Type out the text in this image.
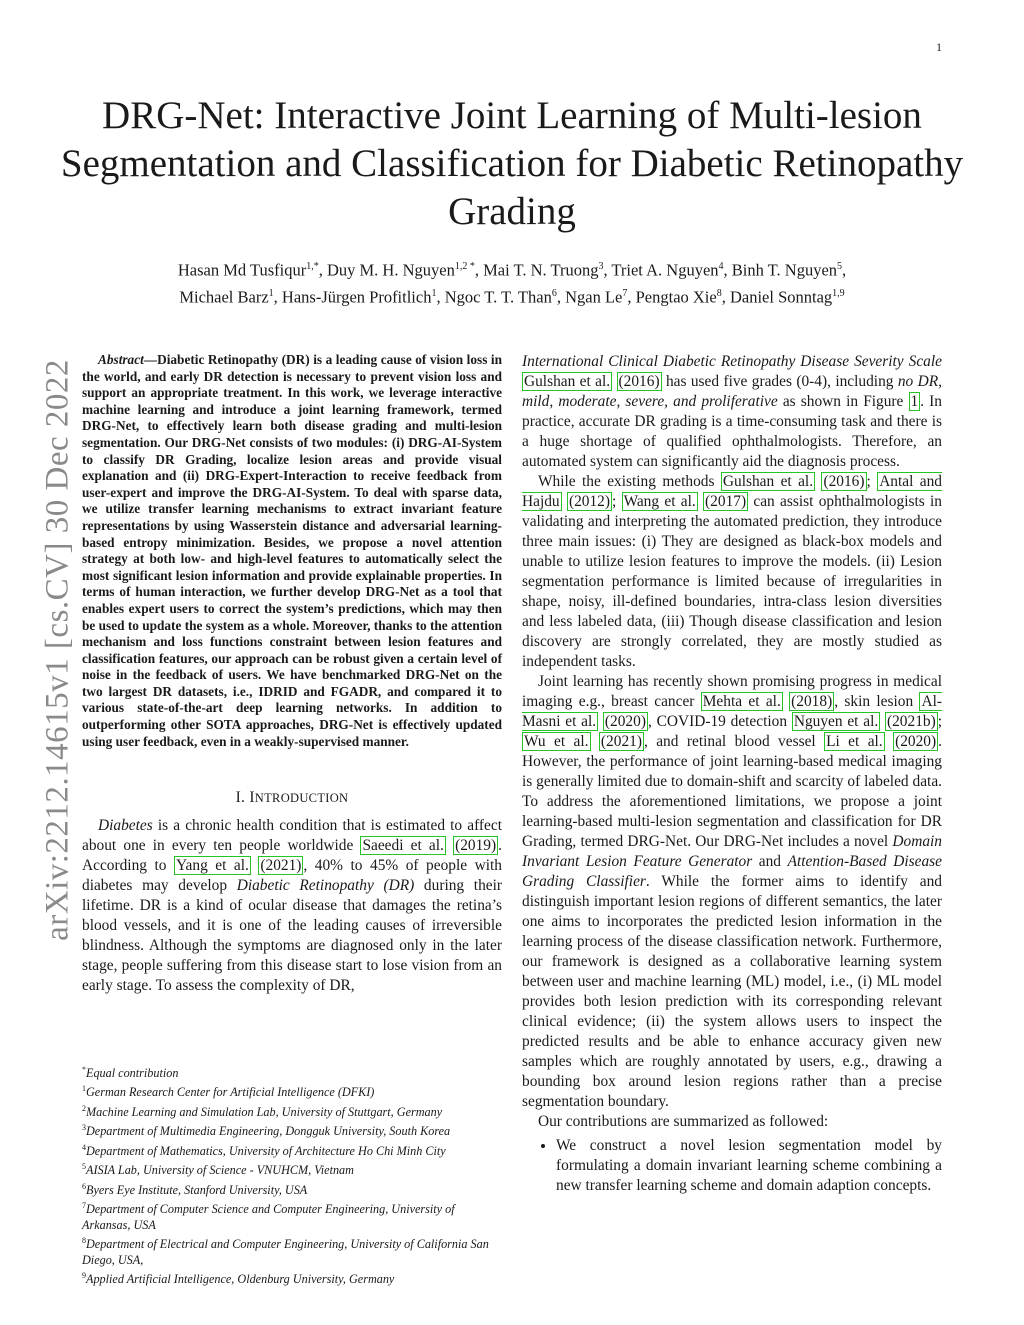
1
arXiv:2212.14615v1 [cs.CV] 30 Dec 2022
DRG-Net: Interactive Joint Learning of Multi-lesion Segmentation and Classification for Diabetic Retinopathy Grading
Hasan Md Tusfiqur$^{1,*}$, Duy M. H. Nguyen$^{1,2 *}$, Mai T. N. Truong$^3$, Triet A. Nguyen$^4$, Binh T. Nguyen$^5$,
Michael Barz$^1$, Hans-Jürgen Profitlich$^1$, Ngoc T. T. Than$^6$, Ngan Le$^7$, Pengtao Xie$^8$, Daniel Sonntag$^{1,9}$

Abstract—Diabetic Retinopathy (DR) is a leading cause of vision loss in the world, and early DR detection is necessary to prevent vision loss and support an appropriate treatment. In this work, we leverage interactive machine learning and introduce a joint learning framework, termed DRG-Net, to effectively learn both disease grading and multi-lesion segmentation. Our DRG-Net consists of two modules: (i) DRG-AI-System to classify DR Grading, localize lesion areas and provide visual explanation and (ii) DRG-Expert-Interaction to receive feedback from user-expert and improve the DRG-AI-System. To deal with sparse data, we utilize transfer learning mechanisms to extract invariant feature representations by using Wasserstein distance and adversarial learning-based entropy minimization. Besides, we propose a novel attention strategy at both low- and high-level features to automatically select the most significant lesion information and provide explainable properties. In terms of human interaction, we further develop DRG-Net as a tool that enables expert users to correct the system’s predictions, which may then be used to update the system as a whole. Moreover, thanks to the attention mechanism and loss functions constraint between lesion features and classification features, our approach can be robust given a certain level of noise in the feedback of users. We have benchmarked DRG-Net on the two largest DR datasets, i.e., IDRID and FGADR, and compared it to various state-of-the-art deep learning networks. In addition to outperforming other SOTA approaches, DRG-Net is effectively updated using user feedback, even in a weakly-supervised manner.

I. INTRODUCTION

Diabetes is a chronic health condition that is estimated to affect about one in every ten people worldwide Saeedi et al. (2019) . According to Yang et al. (2021) , 40% to 45% of people with diabetes may develop Diabetic Retinopathy (DR) during their lifetime. DR is a kind of ocular disease that damages the retina’s blood vessels, and it is one of the leading causes of irreversible blindness. Although the symptoms are diagnosed only in the later stage, people suffering from this disease start to lose vision from an early stage. To assess the complexity of DR,

*Equal contribution
$^1$German Research Center for Artificial Intelligence (DFKI)
$^2$Machine Learning and Simulation Lab, University of Stuttgart, Germany
$^3$Department of Multimedia Engineering, Dongguk University, South Korea
$^4$Department of Mathematics, University of Architecture Ho Chi Minh City
$^5$AISIA Lab, University of Science - VNUHCM, Vietnam
$^6$Byers Eye Institute, Stanford University, USA
$^7$Department of Computer Science and Computer Engineering, University of Arkansas, USA
$^8$Department of Electrical and Computer Engineering, University of California San Diego, USA,
$^9$Applied Artificial Intelligence, Oldenburg University, Germany

International Clinical Diabetic Retinopathy Disease Severity Scale Gulshan et al. (2016) has used five grades (0-4), including no DR, mild, moderate, severe, and proliferative as shown in Figure 1 . In practice, accurate DR grading is a time-consuming task and there is a huge shortage of qualified ophthalmologists. Therefore, an automated system can significantly aid the diagnosis process.

While the existing methods Gulshan et al. (2016) ; Antal and Hajdu (2012) ; Wang et al. (2017) can assist ophthalmologists in validating and interpreting the automated prediction, they introduce three main issues: (i) They are designed as black-box models and unable to utilize lesion features to improve the models. (ii) Lesion segmentation performance is limited because of irregularities in shape, noisy, ill-defined boundaries, intra-class lesion diversities and less labeled data, (iii) Though disease classification and lesion discovery are strongly correlated, they are mostly studied as independent tasks.

Joint learning has recently shown promising progress in medical imaging e.g., breast cancer Mehta et al. (2018) , skin lesion Al-Masni et al. (2020) , COVID-19 detection Nguyen et al. (2021b) ; Wu et al. (2021) , and retinal blood vessel Li et al. (2020) . However, the performance of joint learning-based medical imaging is generally limited due to domain-shift and scarcity of labeled data. To address the aforementioned limitations, we propose a joint learning-based multi-lesion segmentation and classification for DR Grading, termed DRG-Net. Our DRG-Net includes a novel Domain Invariant Lesion Feature Generator and Attention-Based Disease Grading Classifier. While the former aims to identify and distinguish important lesion regions of different semantics, the later one aims to incorporates the predicted lesion information in the learning process of the disease classification network. Furthermore, our framework is designed as a collaborative learning system between user and machine learning (ML) model, i.e., (i) ML model provides both lesion prediction with its corresponding relevant clinical evidence; (ii) the system allows users to inspect the predicted results and be able to enhance accuracy given new samples which are roughly annotated by users, e.g., drawing a bounding box around lesion regions rather than a precise segmentation boundary.

Our contributions are summarized as followed:

• We construct a novel lesion segmentation model by formulating a domain invariant learning scheme combining a new transfer learning scheme and domain adaption concepts.
